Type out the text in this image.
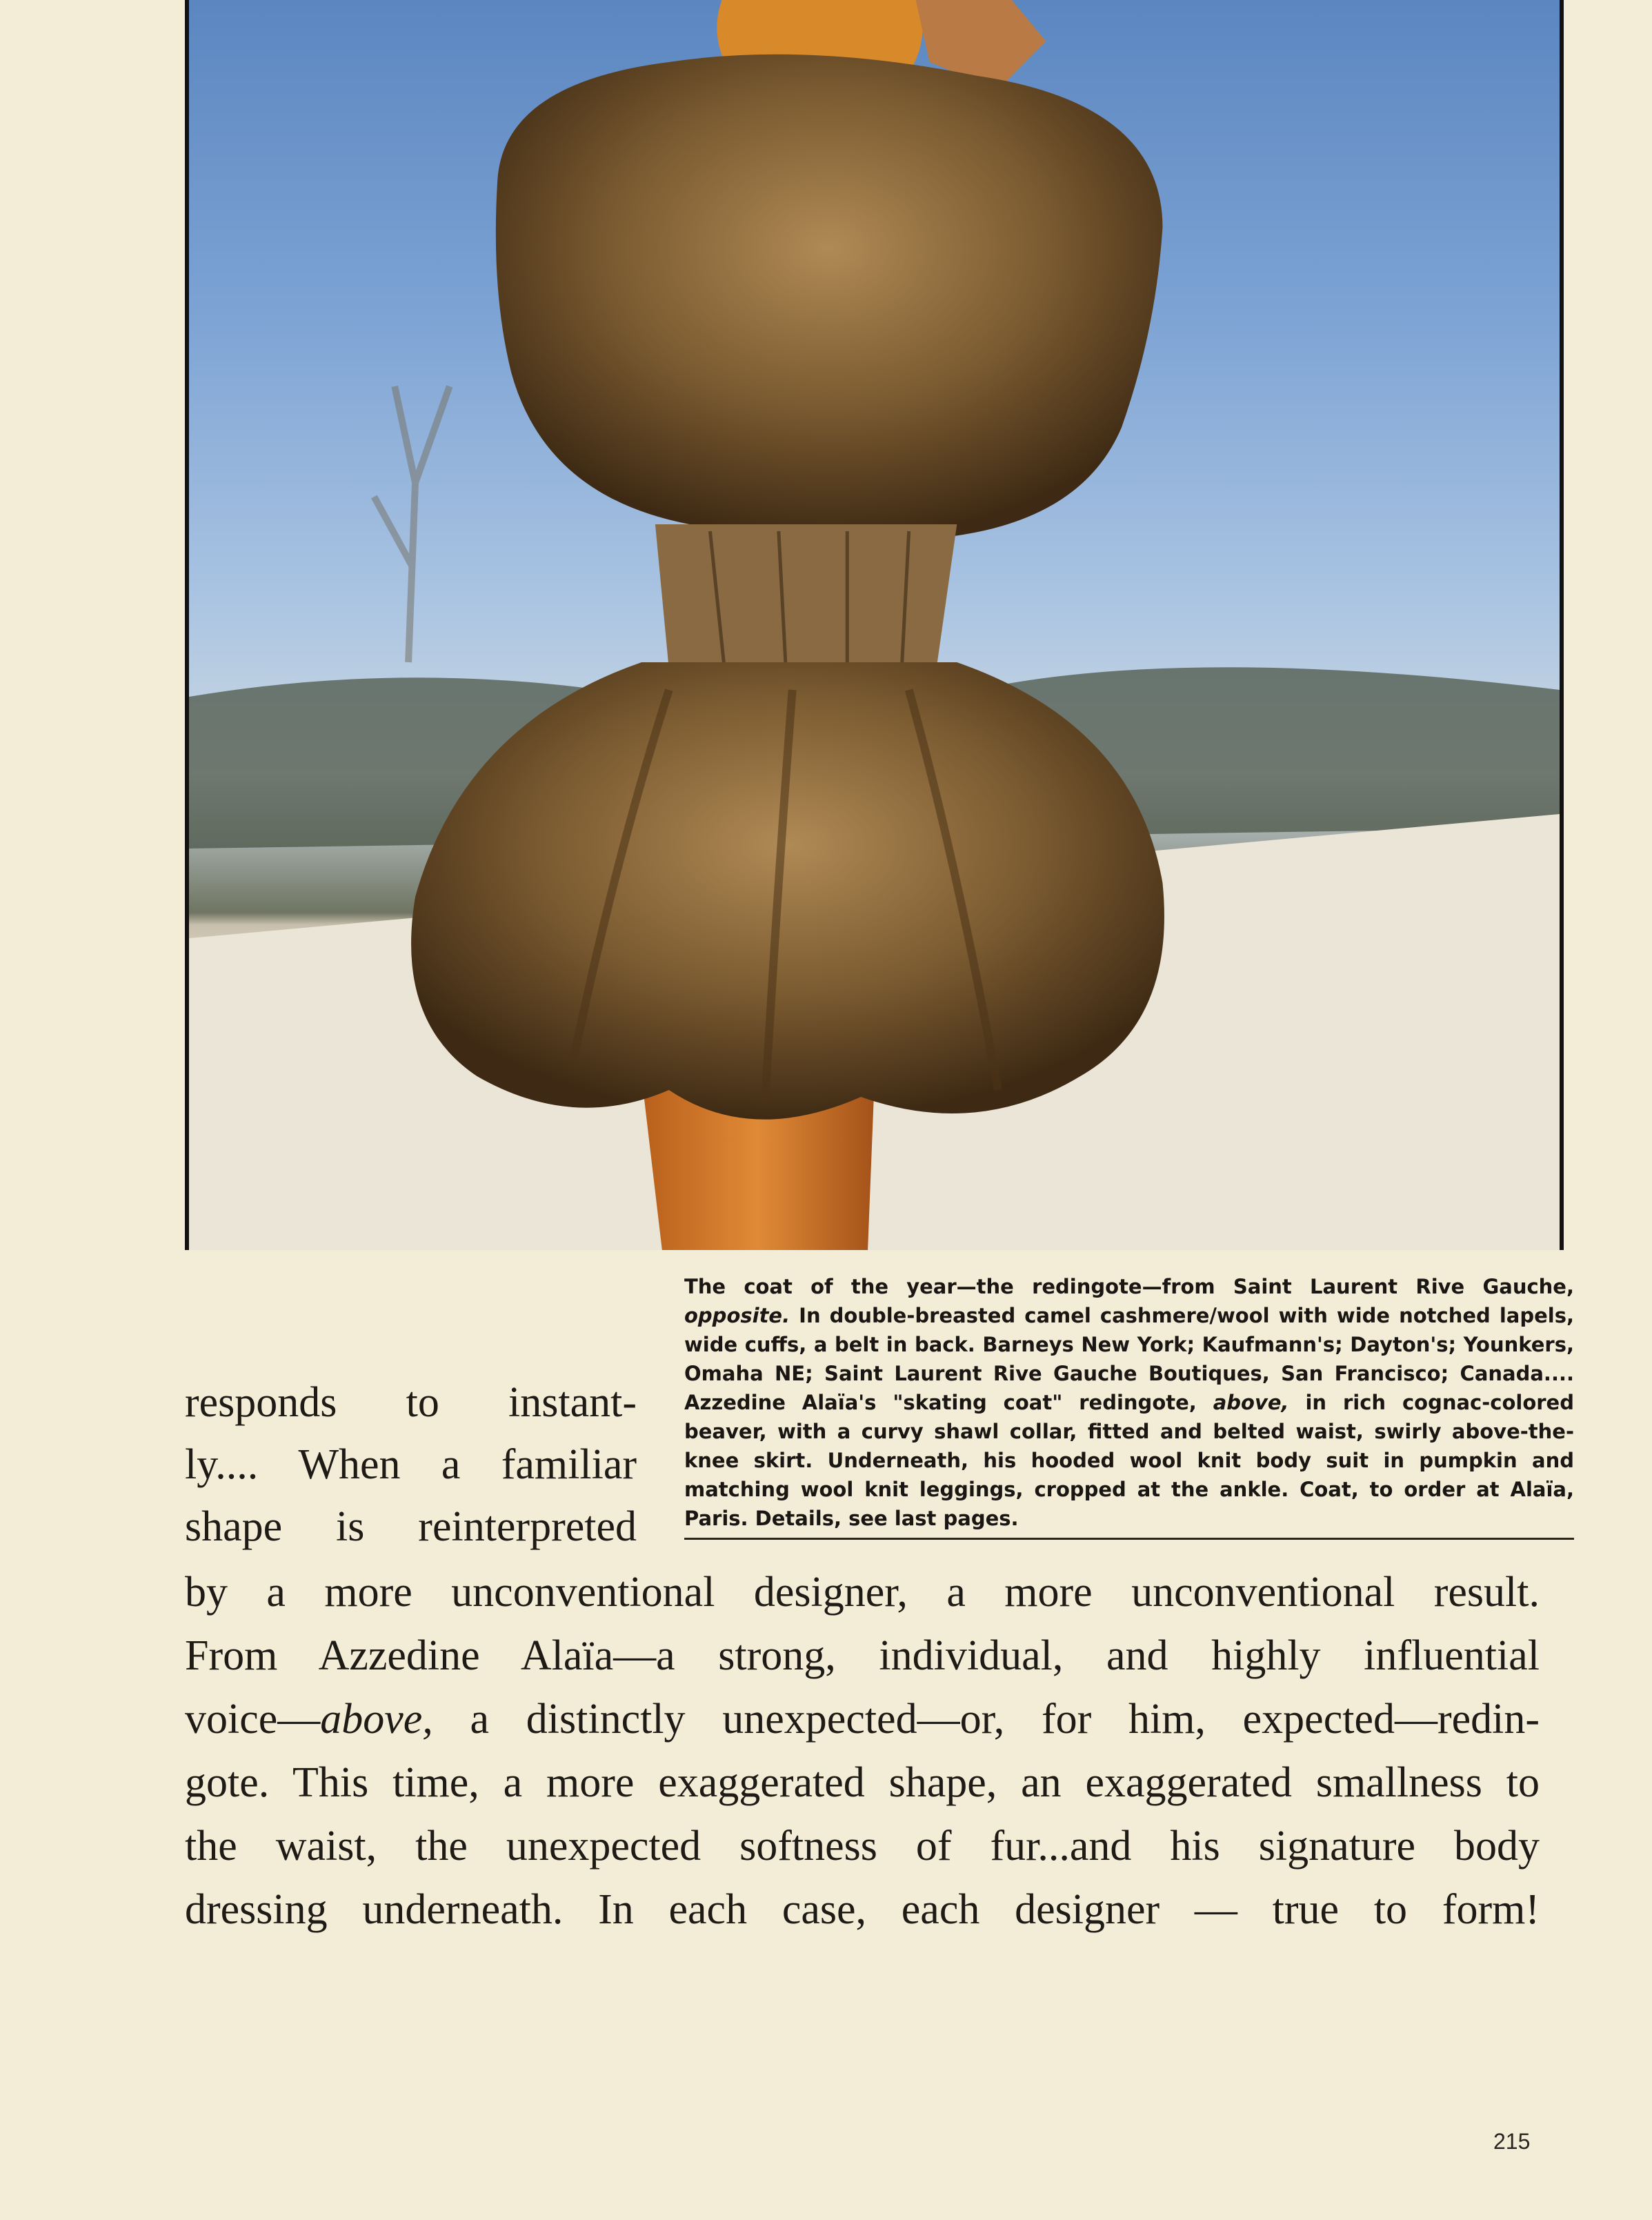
The coat of the year—the redingote—from Saint Laurent Rive Gauche, opposite. In double-breasted camel cashmere/wool with wide notched lapels, wide cuffs, a belt in back. Barneys New York; Kaufmann's; Dayton's; Younkers, Omaha NE; Saint Laurent Rive Gauche Boutiques, San Francisco; Canada.... Azzedine Alaïa's "skating coat" redingote, above, in rich cognac-colored beaver, with a curvy shawl collar, fitted and belted waist, swirly above-the-knee skirt. Underneath, his hooded wool knit body suit in pumpkin and matching wool knit leggings, cropped at the ankle. Coat, to order at Alaïa, Paris. Details, see last pages.

responds to instant-

ly.... When a familiar

shape is reinterpreted

by a more unconventional designer, a more unconventional result.

From Azzedine Alaïa—a strong, individual, and highly influential

voice—above, a distinctly unexpected—or, for him, expected—redin-

gote. This time, a more exaggerated shape, an exaggerated smallness to

the waist, the unexpected softness of fur...and his signature body

dressing underneath. In each case, each designer — true to form!

215
